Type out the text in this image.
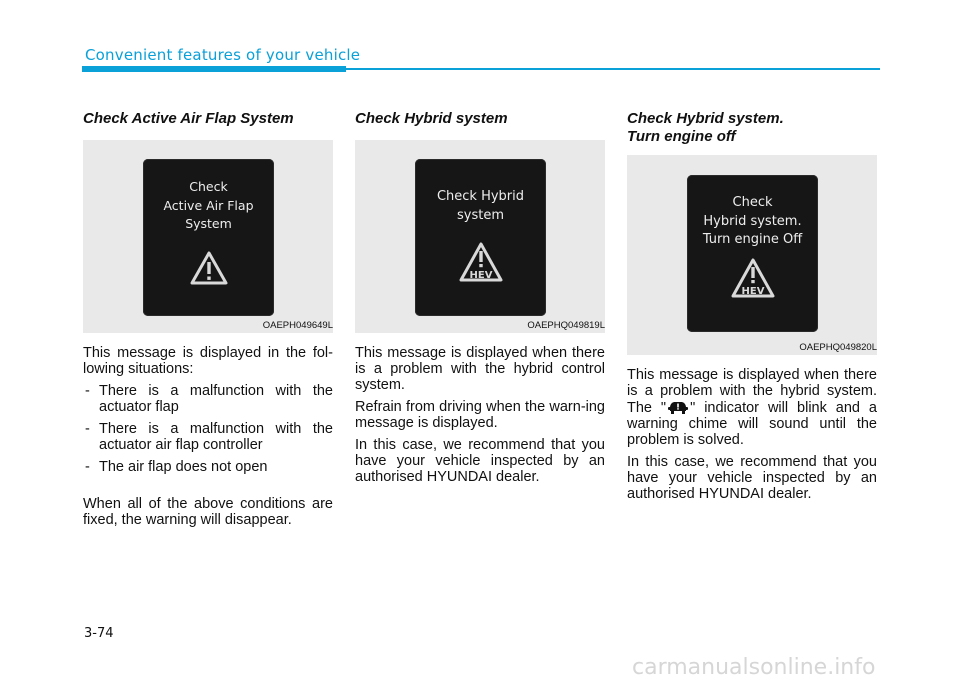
Convenient features of your vehicle
Check Active Air Flap System
Check
Active Air Flap
System
OAEPH049649L

This message is displayed in the fol-lowing situations:

- There is a malfunction with the actuator flap
- There is a malfunction with the actuator air flap controller
- The air flap does not open

When all of the above conditions are fixed, the warning will disappear.

Check Hybrid system
Check Hybrid
system
HEV
OAEPHQ049819L

This message is displayed when there is a problem with the hybrid control system.

Refrain from driving when the warn-ing message is displayed.

In this case, we recommend that you have your vehicle inspected by an authorised HYUNDAI dealer.

Check Hybrid system.
Turn engine off
Check
Hybrid system.
Turn engine Off
HEV
OAEPHQ049820L

This message is displayed when there is a problem with the hybrid system. The " " indicator will blink and a warning chime will sound until the problem is solved.

In this case, we recommend that you have your vehicle inspected by an authorised HYUNDAI dealer.

3-74
carmanualsonline.info
